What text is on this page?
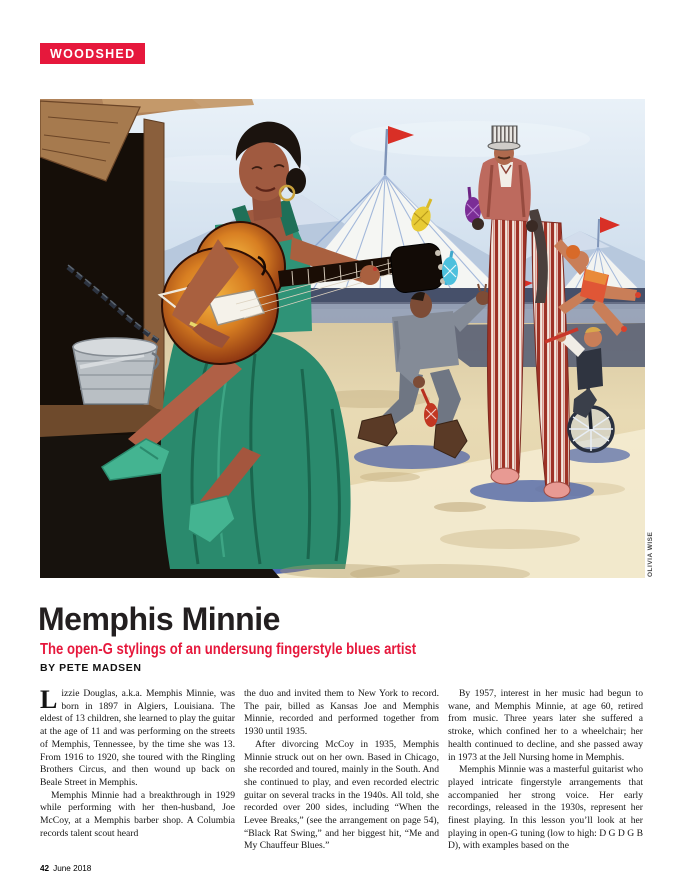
WOODSHED
OLIVIA WISE
Memphis Minnie
The open-G stylings of an undersung fingerstyle blues artist
BY PETE MADSEN

Lizzie Douglas, a.k.a. Memphis Minnie, was born in 1897 in Algiers, Louisiana. The eldest of 13 children, she learned to play the guitar at the age of 11 and was performing on the streets of Memphis, Tennessee, by the time she was 13. From 1916 to 1920, she toured with the Ringling Brothers Circus, and then wound up back on Beale Street in Memphis.

Memphis Minnie had a breakthrough in 1929 while performing with her then-husband, Joe McCoy, at a Memphis barber shop. A Columbia records talent scout heard

the duo and invited them to New York to record. The pair, billed as Kansas Joe and Memphis Minnie, recorded and performed together from 1930 until 1935.

After divorcing McCoy in 1935, Memphis Minnie struck out on her own. Based in Chicago, she recorded and toured, mainly in the South. And she continued to play, and even recorded electric guitar on several tracks in the 1940s. All told, she recorded over 200 sides, including “When the Levee Breaks,” (see the arrangement on page 54), “Black Rat Swing,” and her biggest hit, “Me and My Chauffeur Blues.”

By 1957, interest in her music had begun to wane, and Memphis Minnie, at age 60, retired from music. Three years later she suffered a stroke, which confined her to a wheelchair; her health continued to decline, and she passed away in 1973 at the Jell Nursing home in Memphis.

Memphis Minnie was a masterful guitarist who played intricate fingerstyle arrangements that accompanied her strong voice. Her early recordings, released in the 1930s, represent her finest playing. In this lesson you’ll look at her playing in open-G tuning (low to high: D G D G B D), with examples based on the

42 June 2018
